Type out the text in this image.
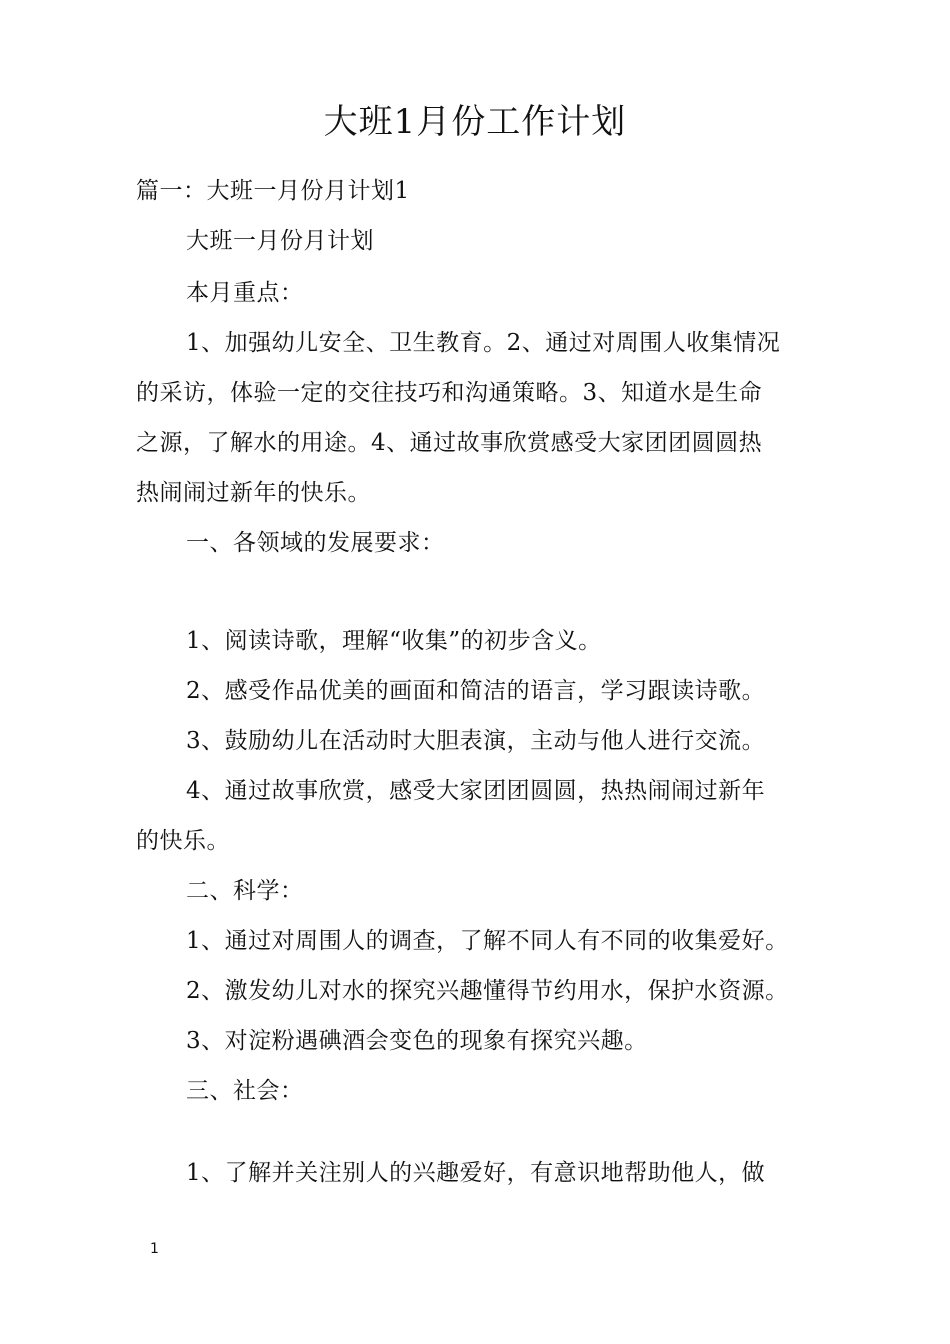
大班1月份工作计划
篇一：大班一月份月计划1
大班一月份月计划
本月重点：
1、加强幼儿安全、卫生教育。2、通过对周围人收集情况
的采访，体验一定的交往技巧和沟通策略。3、知道水是生命
之源，了解水的用途。4、通过故事欣赏感受大家团团圆圆热
热闹闹过新年的快乐。
一、各领域的发展要求：
1、阅读诗歌，理解“收集”的初步含义。
2、感受作品优美的画面和简洁的语言，学习跟读诗歌。
3、鼓励幼儿在活动时大胆表演，主动与他人进行交流。
4、通过故事欣赏，感受大家团团圆圆，热热闹闹过新年
的快乐。
二、科学：
1、通过对周围人的调查，了解不同人有不同的收集爱好。
2、激发幼儿对水的探究兴趣懂得节约用水，保护水资源。
3、对淀粉遇碘酒会变色的现象有探究兴趣。
三、社会：
1、了解并关注别人的兴趣爱好，有意识地帮助他人，做
1
